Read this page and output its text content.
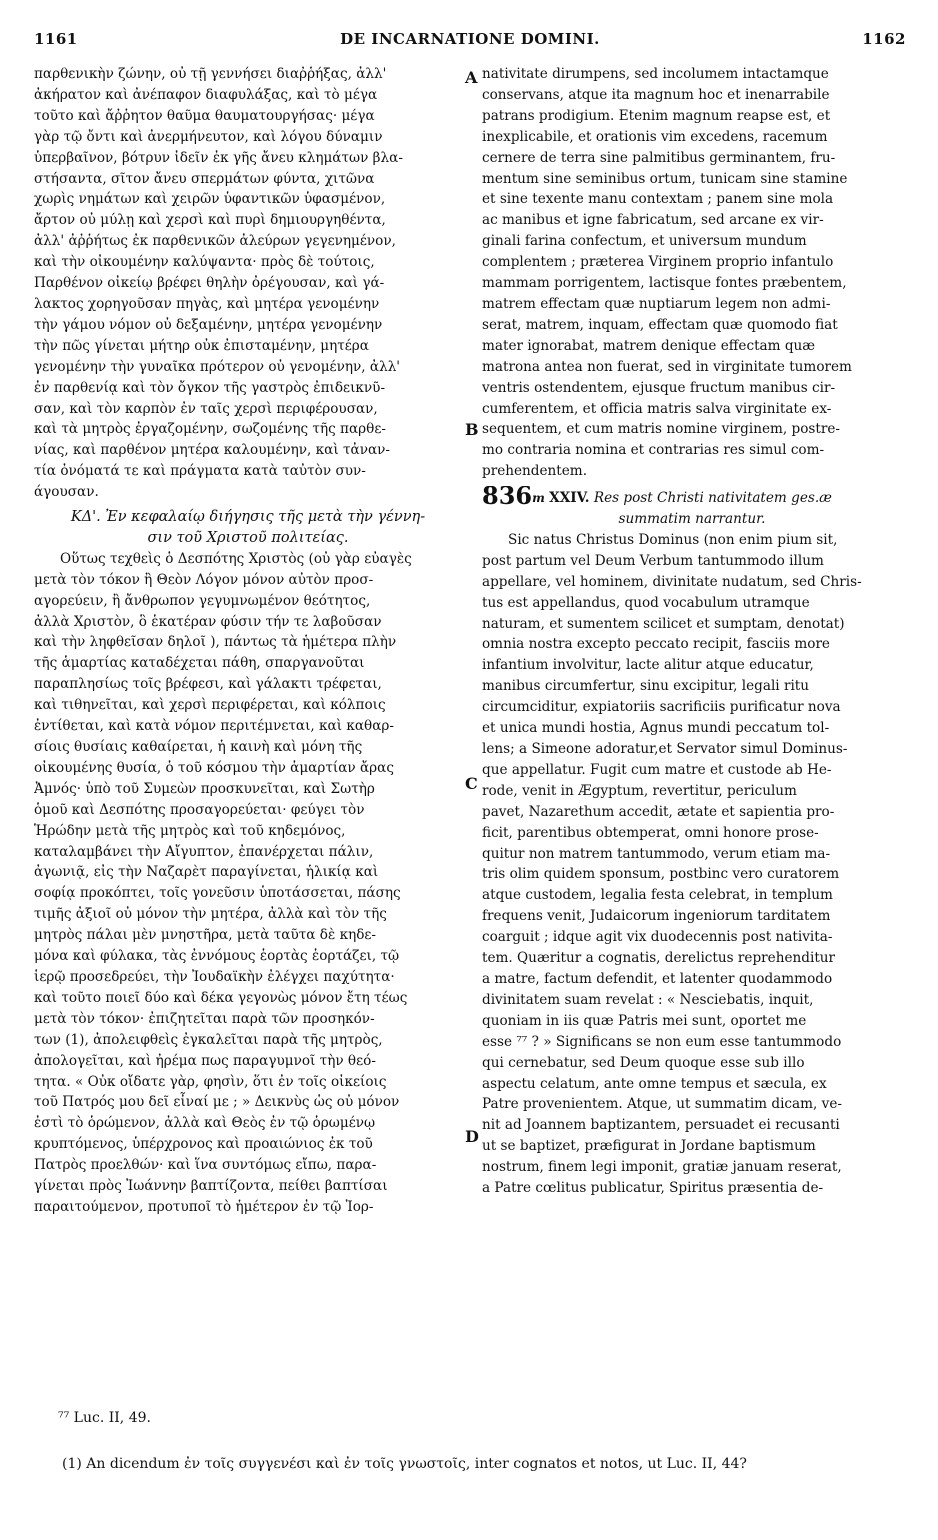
1161	DE INCARNATIONE DOMINI.	1162
A
B
C
D
παρθενικὴν ζώνην, οὐ τῇ γεννήσει διαῤῥήξας, ἀλλ'
ἀκήρατον καὶ ἀνέπαφον διαφυλάξας, καὶ τὸ μέγα
τοῦτο καὶ ἄῤῥητον θαῦμα θαυματουργήσας· μέγα
γὰρ τῷ ὄντι καὶ ἀνερμήνευτον, καὶ λόγου δύναμιν
ὑπερβαῖνον, βότρυν ἰδεῖν ἐκ γῆς ἄνευ κλημάτων βλα-
στήσαντα, σῖτον ἄνευ σπερμάτων φύντα, χιτῶνα
χωρὶς νημάτων καὶ χειρῶν ὑφαντικῶν ὑφασμένον,
ἄρτον οὐ μύλῃ καὶ χερσὶ καὶ πυρὶ δημιουργηθέντα,
ἀλλ' ἀῤῥήτως ἐκ παρθενικῶν ἀλεύρων γεγενημένον,
καὶ τὴν οἰκουμένην καλύψαντα· πρὸς δὲ τούτοις,
Παρθένον οἰκείῳ βρέφει θηλὴν ὀρέγουσαν, καὶ γά-
λακτος χορηγοῦσαν πηγὰς, καὶ μητέρα γενομένην
τὴν γάμου νόμον οὐ δεξαμένην, μητέρα γενομένην
τὴν πῶς γίνεται μήτηρ οὐκ ἐπισταμένην, μητέρα
γενομένην τὴν γυναῖκα πρότερον οὐ γενομένην, ἀλλ'
ἐν παρθενίᾳ καὶ τὸν ὄγκον τῆς γαστρὸς ἐπιδεικνῦ-
σαν, καὶ τὸν καρπὸν ἐν ταῖς χερσὶ περιφέρουσαν,
καὶ τὰ μητρὸς ἐργαζομένην, σωζομένης τῆς παρθε-
νίας, καὶ παρθένον μητέρα καλουμένην, καὶ τἀναν-
τία ὀνόματά τε καὶ πράγματα κατὰ ταὐτὸν συν-
άγουσαν.
ΚΔ'. Ἐν κεφαλαίῳ διήγησις τῆς μετὰ τὴν γέννη-
σιν τοῦ Χριστοῦ πολιτείας.
Οὕτως τεχθεὶς ὁ Δεσπότης Χριστὸς (οὐ γὰρ εὐαγὲς
μετὰ τὸν τόκον ἢ Θεὸν Λόγον μόνον αὐτὸν προσ-
αγορεύειν, ἢ ἄνθρωπον γεγυμνωμένον θεότητος,
ἀλλὰ Χριστὸν, ὃ ἑκατέραν φύσιν τήν τε λαβοῦσαν
καὶ τὴν ληφθεῖσαν δηλοῖ ), πάντως τὰ ἡμέτερα πλὴν
τῆς ἁμαρτίας καταδέχεται πάθη, σπαργανοῦται
παραπλησίως τοῖς βρέφεσι, καὶ γάλακτι τρέφεται,
καὶ τιθηνεῖται, καὶ χερσὶ περιφέρεται, καὶ κόλποις
ἐντίθεται, καὶ κατὰ νόμον περιτέμνεται, καὶ καθαρ-
σίοις θυσίαις καθαίρεται, ἡ καινὴ καὶ μόνη τῆς
οἰκουμένης θυσία, ὁ τοῦ κόσμου τὴν ἁμαρτίαν ἄρας
Ἀμνός· ὑπὸ τοῦ Συμεὼν προσκυνεῖται, καὶ Σωτὴρ
ὁμοῦ καὶ Δεσπότης προσαγορεύεται· φεύγει τὸν
Ἡρώδην μετὰ τῆς μητρὸς καὶ τοῦ κηδεμόνος,
καταλαμβάνει τὴν Αἴγυπτον, ἐπανέρχεται πάλιν,
ἀγωνιᾷ, εἰς τὴν Ναζαρὲτ παραγίνεται, ἡλικίᾳ καὶ
σοφίᾳ προκόπτει, τοῖς γονεῦσιν ὑποτάσσεται, πάσης
τιμῆς ἀξιοῖ οὐ μόνον τὴν μητέρα, ἀλλὰ καὶ τὸν τῆς
μητρὸς πάλαι μὲν μνηστῆρα, μετὰ ταῦτα δὲ κηδε-
μόνα καὶ φύλακα, τὰς ἐννόμους ἑορτὰς ἑορτάζει, τῷ
ἱερῷ προσεδρεύει, τὴν Ἰουδαϊκὴν ἐλέγχει παχύτητα·
καὶ τοῦτο ποιεῖ δύο καὶ δέκα γεγονὼς μόνον ἔτη τέως
μετὰ τὸν τόκον· ἐπιζητεῖται παρὰ τῶν προσηκόν-
των (1), ἀπολειφθεὶς ἐγκαλεῖται παρὰ τῆς μητρὸς,
ἀπολογεῖται, καὶ ἠρέμα πως παραγυμνοῖ τὴν θεό-
τητα. « Οὐκ οἴδατε γὰρ, φησὶν, ὅτι ἐν τοῖς οἰκείοις
τοῦ Πατρός μου δεῖ εἶναί με ; » Δεικνὺς ὡς οὐ μόνον
ἐστὶ τὸ ὁρώμενον, ἀλλὰ καὶ Θεὸς ἐν τῷ ὁρωμένῳ
κρυπτόμενος, ὑπέρχρονος καὶ προαιώνιος ἐκ τοῦ
Πατρὸς προελθών· καὶ ἵνα συντόμως εἴπω, παρα-
γίνεται πρὸς Ἰωάννην βαπτίζοντα, πείθει βαπτίσαι
παραιτούμενον, προτυποῖ τὸ ἡμέτερον ἐν τῷ Ἰορ-
nativitate dirumpens, sed incolumem intactamque
conservans, atque ita magnum hoc et inenarrabile
patrans prodigium. Etenim magnum reapse est, et
inexplicabile, et orationis vim excedens, racemum
cernere de terra sine palmitibus germinantem, fru-
mentum sine seminibus ortum, tunicam sine stamine
et sine texente manu contextam ; panem sine mola
ac manibus et igne fabricatum, sed arcane ex vir-
ginali farina confectum, et universum mundum
complentem ; præterea Virginem proprio infantulo
mammam porrigentem, lactisque fontes præbentem,
matrem effectam quæ nuptiarum legem non admi-
serat, matrem, inquam, effectam quæ quomodo fiat
mater ignorabat, matrem denique effectam quæ
matrona antea non fuerat, sed in virginitate tumorem
ventris ostendentem, ejusque fructum manibus cir-
cumferentem, et officia matris salva virginitate ex-
sequentem, et cum matris nomine virginem, postre-
mo contraria nomina et contrarias res simul com-
prehendentem.
836m XXIV. Res post Christi nativitatem ges.æ
summatim narrantur.
Sic natus Christus Dominus (non enim pium sit,
post partum vel Deum Verbum tantummodo illum
appellare, vel hominem, divinitate nudatum, sed Chris-
tus est appellandus, quod vocabulum utramque
naturam, et sumentem scilicet et sumptam, denotat)
omnia nostra excepto peccato recipit, fasciis more
infantium involvitur, lacte alitur atque educatur,
manibus circumfertur, sinu excipitur, legali ritu
circumciditur, expiatoriis sacrificiis purificatur nova
et unica mundi hostia, Agnus mundi peccatum tol-
lens; a Simeone adoratur,et Servator simul Dominus-
que appellatur. Fugit cum matre et custode ab He-
rode, venit in Ægyptum, revertitur, periculum
pavet, Nazarethum accedit, ætate et sapientia pro-
ficit, parentibus obtemperat, omni honore prose-
quitur non matrem tantummodo, verum etiam ma-
tris olim quidem sponsum, postbinc vero curatorem
atque custodem, legalia festa celebrat, in templum
frequens venit, Judaicorum ingeniorum tarditatem
coarguit ; idque agit vix duodecennis post nativita-
tem. Quæritur a cognatis, derelictus reprehenditur
a matre, factum defendit, et latenter quodammodo
divinitatem suam revelat : « Nesciebatis, inquit,
quoniam in iis quæ Patris mei sunt, oportet me
esse ⁷⁷ ? » Significans se non eum esse tantummodo
qui cernebatur, sed Deum quoque esse sub illo
aspectu celatum, ante omne tempus et sæcula, ex
Patre provenientem. Atque, ut summatim dicam, ve-
nit ad Joannem baptizantem, persuadet ei recusanti
ut se baptizet, præfigurat in Jordane baptismum
nostrum, finem legi imponit, gratiæ januam reserat,
a Patre cœlitus publicatur, Spiritus præsentia de-
⁷⁷ Luc. II, 49.
(1) An dicendum ἐν τοῖς συγγενέσι καὶ ἐν τοῖς γνωστοῖς, inter cognatos et notos, ut Luc. II, 44?
